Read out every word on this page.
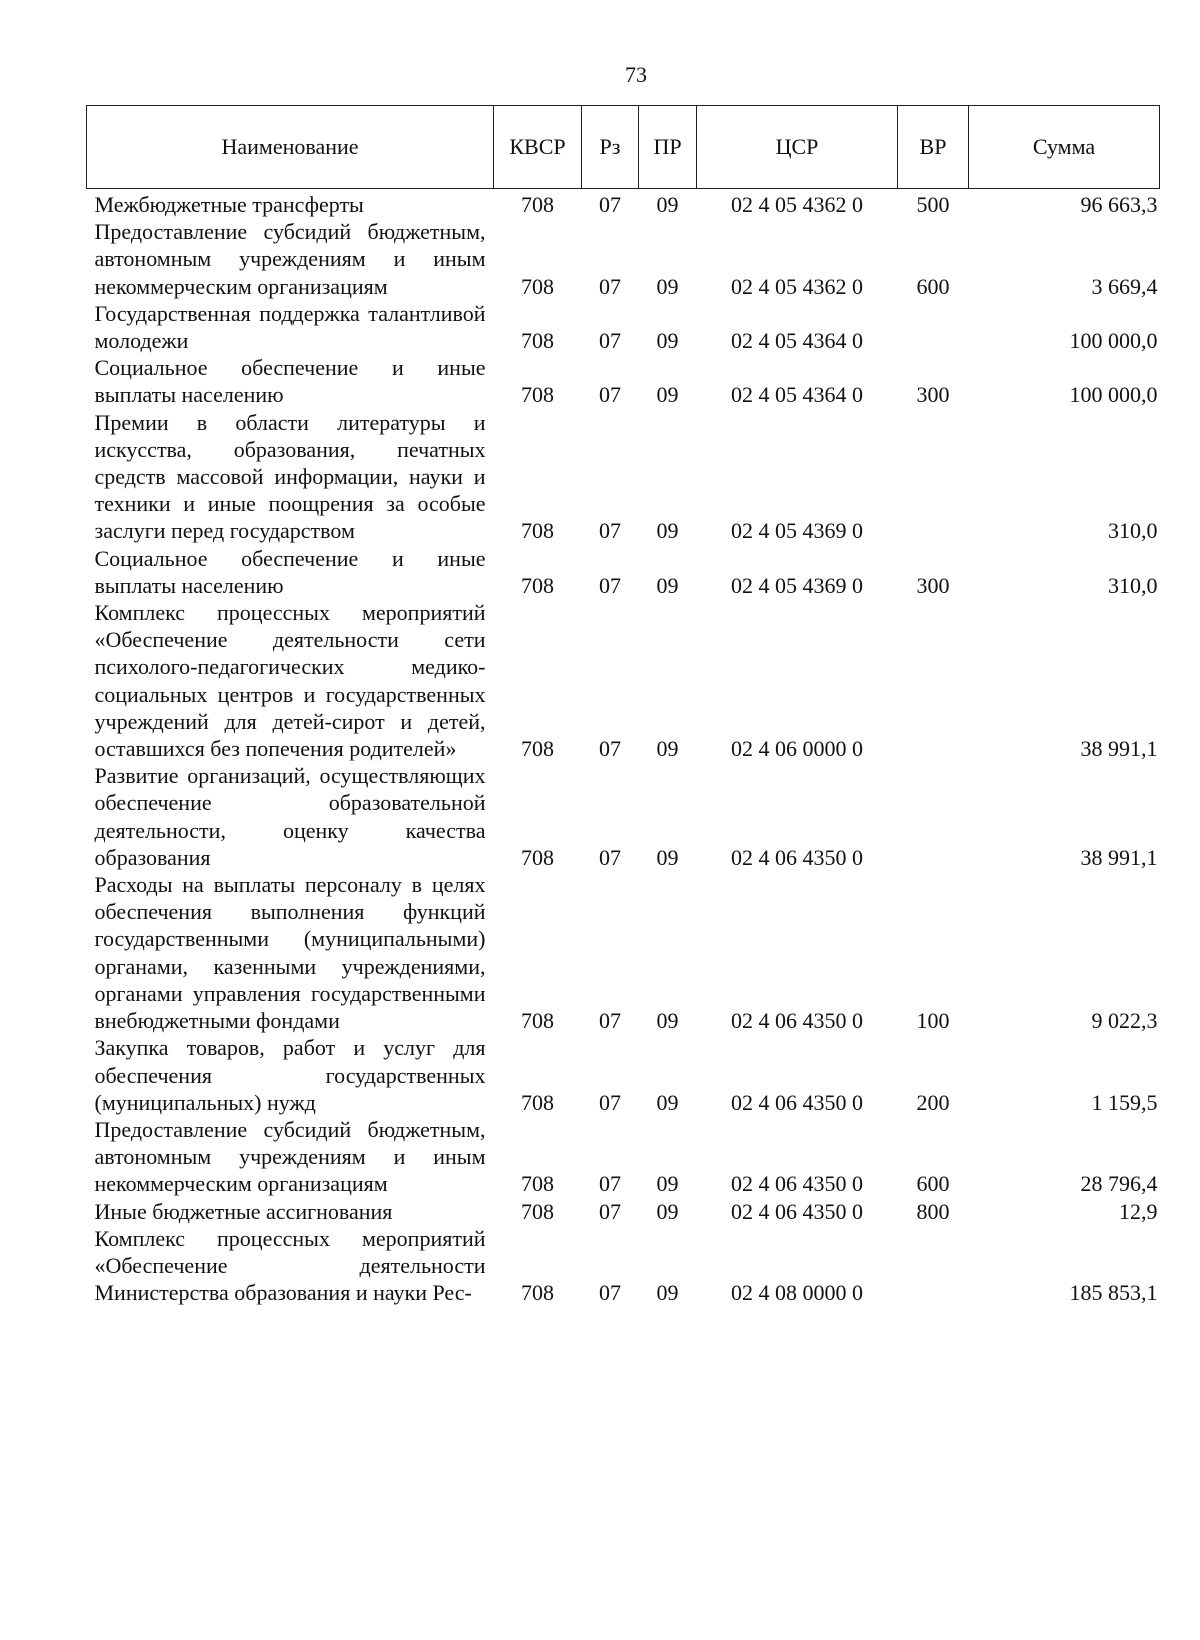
73
Наименование	КВСР	Рз	ПР	ЦСР	ВР	Сумма
Межбюджетные трансферты	708	07	09	02 4 05 4362 0	500	96 663,3
Предоставление субсидий бюджетным, автономным учреждениям и иным некоммерческим организациям	708	07	09	02 4 05 4362 0	600	3 669,4
Государственная поддержка талантливой молодежи	708	07	09	02 4 05 4364 0		100 000,0
Социальное обеспечение и иные выплаты населению	708	07	09	02 4 05 4364 0	300	100 000,0
Премии в области литературы и искусства, образования, печатных средств массовой информации, науки и техники и иные поощрения за особые заслуги перед государством	708	07	09	02 4 05 4369 0		310,0
Социальное обеспечение и иные выплаты населению	708	07	09	02 4 05 4369 0	300	310,0
Комплекс процессных мероприятий «Обеспечение деятельности сети психолого-педагогических медико-социальных центров и государственных учреждений для детей-сирот и детей, оставшихся без попечения родителей»	708	07	09	02 4 06 0000 0		38 991,1
Развитие организаций, осуществляющих обеспечение образовательной деятельности, оценку качества образования	708	07	09	02 4 06 4350 0		38 991,1
Расходы на выплаты персоналу в целях обеспечения выполнения функций государственными (муниципальными) органами, казенными учреждениями, органами управления государственными внебюджетными фондами	708	07	09	02 4 06 4350 0	100	9 022,3
Закупка товаров, работ и услуг для обеспечения государственных (муниципальных) нужд	708	07	09	02 4 06 4350 0	200	1 159,5
Предоставление субсидий бюджетным, автономным учреждениям и иным некоммерческим организациям	708	07	09	02 4 06 4350 0	600	28 796,4
Иные бюджетные ассигнования	708	07	09	02 4 06 4350 0	800	12,9
Комплекс процессных мероприятий «Обеспечение деятельности Министерства образования и науки Рес-	708	07	09	02 4 08 0000 0		185 853,1
